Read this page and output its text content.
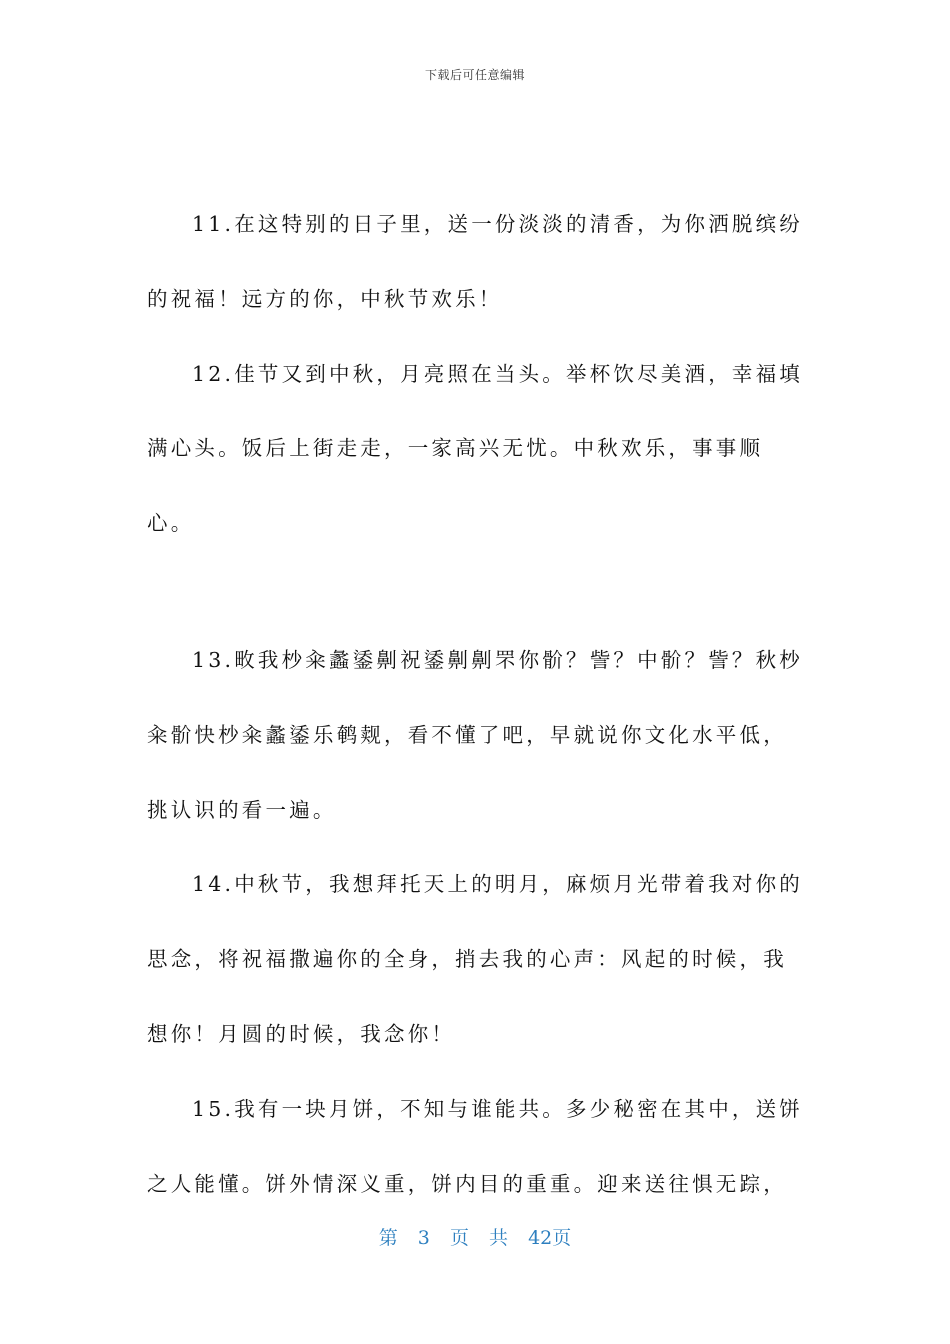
下载后可任意编辑

11.在这特别的日子里，送一份淡淡的清香，为你洒脱缤纷的祝福！远方的你，中秋节欢乐！

12.佳节又到中秋，月亮照在当头。举杯饮尽美酒，幸福填满心头。饭后上街走走，一家高兴无忧。中秋欢乐，事事顺心。

13.畋我杪籴蠡鋈劓祝鋈劓劓罘你骱？訾？中骱？訾？秋杪籴骱快杪籴蠡鋈乐鹌觌，看不懂了吧，早就说你文化水平低，挑认识的看一遍。

14.中秋节，我想拜托天上的明月，麻烦月光带着我对你的思念，将祝福撒遍你的全身，捎去我的心声：风起的时候，我想你！月圆的时候，我念你！

15.我有一块月饼，不知与谁能共。多少秘密在其中，送饼之人能懂。饼外情深义重，饼内目的重重。迎来送往惧无踪，

第 3 页 共 42页
